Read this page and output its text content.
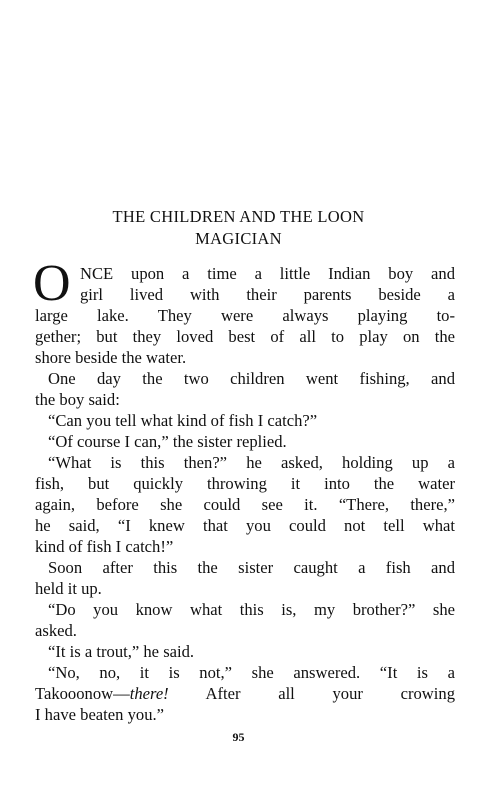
THE CHILDREN AND THE LOON
MAGICIAN
O NCE upon a time a little Indian boy and
girl lived with their parents beside a
large lake. They were always playing to-
gether; but they loved best of all to play on the
shore beside the water.
One day the two children went fishing, and
the boy said:
“Can you tell what kind of fish I catch?”
“Of course I can,” the sister replied.
“What is this then?” he asked, holding up a
fish, but quickly throwing it into the water
again, before she could see it. “There, there,”
he said, “I knew that you could not tell what
kind of fish I catch!”
Soon after this the sister caught a fish and
held it up.
“Do you know what this is, my brother?” she
asked.
“It is a trout,” he said.
“No, no, it is not,” she answered. “It is a
95
Takooonow—there! After all your crowing
I have beaten you.”
